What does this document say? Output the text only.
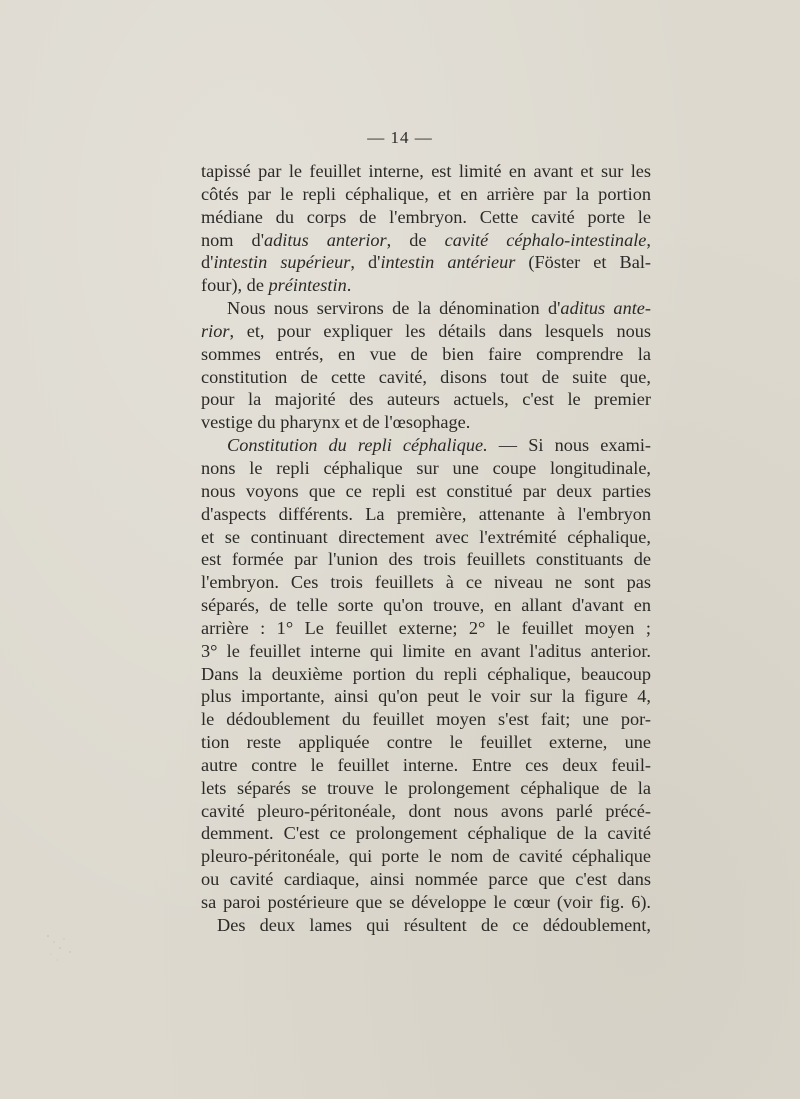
— 14 —
tapissé par le feuillet interne, est limité en avant et sur les
côtés par le repli céphalique, et en arrière par la portion
médiane du corps de l'embryon. Cette cavité porte le
nom d'aditus anterior, de cavité céphalo-intestinale,
d'intestin supérieur, d'intestin antérieur (Föster et Bal-
four), de préintestin.
Nous nous servirons de la dénomination d'aditus ante-
rior, et, pour expliquer les détails dans lesquels nous
sommes entrés, en vue de bien faire comprendre la
constitution de cette cavité, disons tout de suite que,
pour la majorité des auteurs actuels, c'est le premier
vestige du pharynx et de l'œsophage.
Constitution du repli céphalique. — Si nous exami-
nons le repli céphalique sur une coupe longitudinale,
nous voyons que ce repli est constitué par deux parties
d'aspects différents. La première, attenante à l'embryon
et se continuant directement avec l'extrémité céphalique,
est formée par l'union des trois feuillets constituants de
l'embryon. Ces trois feuillets à ce niveau ne sont pas
séparés, de telle sorte qu'on trouve, en allant d'avant en
arrière : 1° Le feuillet externe; 2° le feuillet moyen ;
3° le feuillet interne qui limite en avant l'aditus anterior.
Dans la deuxième portion du repli céphalique, beaucoup
plus importante, ainsi qu'on peut le voir sur la figure 4,
le dédoublement du feuillet moyen s'est fait; une por-
tion reste appliquée contre le feuillet externe, une
autre contre le feuillet interne. Entre ces deux feuil-
lets séparés se trouve le prolongement céphalique de la
cavité pleuro-péritonéale, dont nous avons parlé précé-
demment. C'est ce prolongement céphalique de la cavité
pleuro-péritonéale, qui porte le nom de cavité céphalique
ou cavité cardiaque, ainsi nommée parce que c'est dans
sa paroi postérieure que se développe le cœur (voir fig. 6).
Des deux lames qui résultent de ce dédoublement,
